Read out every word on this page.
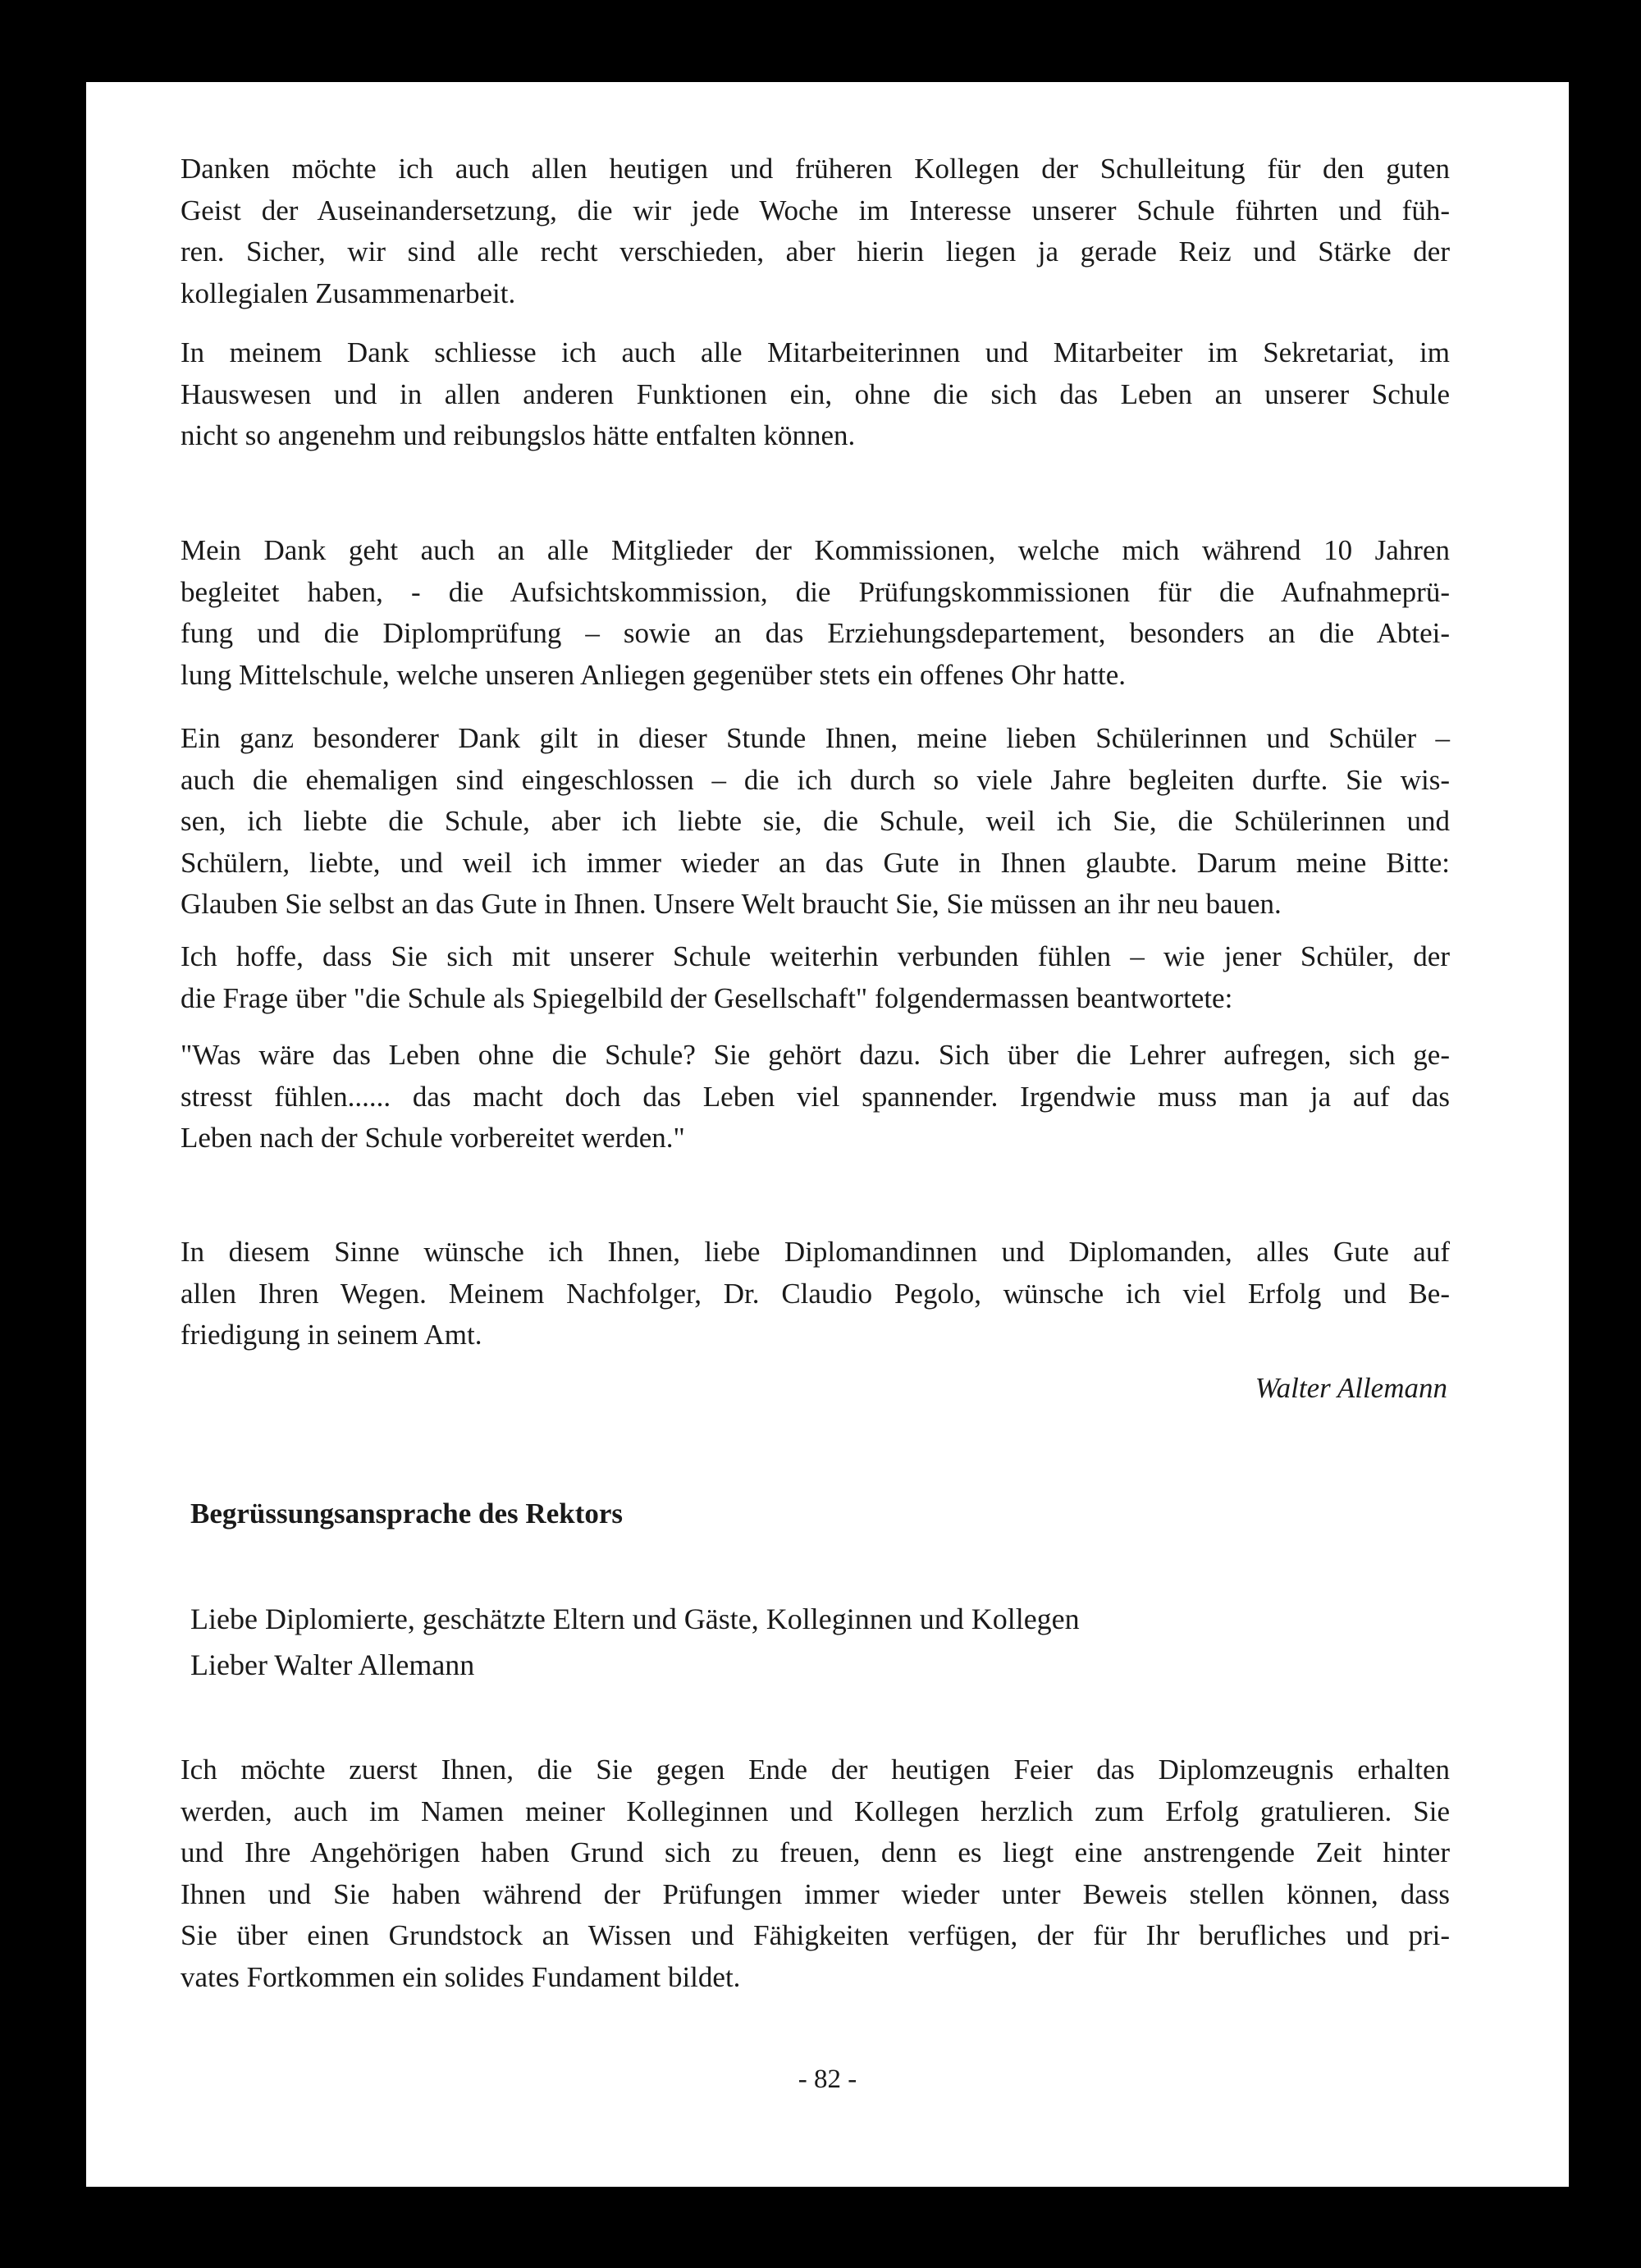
Danken möchte ich auch allen heutigen und früheren Kollegen der Schulleitung für den guten
Geist der Auseinandersetzung, die wir jede Woche im Interesse unserer Schule führten und füh-
ren. Sicher, wir sind alle recht verschieden, aber hierin liegen ja gerade Reiz und Stärke der
kollegialen Zusammenarbeit.
In meinem Dank schliesse ich auch alle Mitarbeiterinnen und Mitarbeiter im Sekretariat, im
Hauswesen und in allen anderen Funktionen ein, ohne die sich das Leben an unserer Schule
nicht so angenehm und reibungslos hätte entfalten können.
Mein Dank geht auch an alle Mitglieder der Kommissionen, welche mich während 10 Jahren
begleitet haben, - die Aufsichtskommission, die Prüfungskommissionen für die Aufnahmeprü-
fung und die Diplomprüfung – sowie an das Erziehungsdepartement, besonders an die Abtei-
lung Mittelschule, welche unseren Anliegen gegenüber stets ein offenes Ohr hatte.
Ein ganz besonderer Dank gilt in dieser Stunde Ihnen, meine lieben Schülerinnen und Schüler –
auch die ehemaligen sind eingeschlossen – die ich durch so viele Jahre begleiten durfte. Sie wis-
sen, ich liebte die Schule, aber ich liebte sie, die Schule, weil ich Sie, die Schülerinnen und
Schülern, liebte, und weil ich immer wieder an das Gute in Ihnen glaubte. Darum meine Bitte:
Glauben Sie selbst an das Gute in Ihnen. Unsere Welt braucht Sie, Sie müssen an ihr neu bauen.
Ich hoffe, dass Sie sich mit unserer Schule weiterhin verbunden fühlen – wie jener Schüler, der
die Frage über "die Schule als Spiegelbild der Gesellschaft" folgendermassen beantwortete:
"Was wäre das Leben ohne die Schule? Sie gehört dazu. Sich über die Lehrer aufregen, sich ge-
stresst fühlen...... das macht doch das Leben viel spannender. Irgendwie muss man ja auf das
Leben nach der Schule vorbereitet werden."
In diesem Sinne wünsche ich Ihnen, liebe Diplomandinnen und Diplomanden, alles Gute auf
allen Ihren Wegen. Meinem Nachfolger, Dr. Claudio Pegolo, wünsche ich viel Erfolg und Be-
friedigung in seinem Amt.
Walter Allemann
Begrüssungsansprache des Rektors
Liebe Diplomierte, geschätzte Eltern und Gäste, Kolleginnen und Kollegen
Lieber Walter Allemann
Ich möchte zuerst Ihnen, die Sie gegen Ende der heutigen Feier das Diplomzeugnis erhalten
werden, auch im Namen meiner Kolleginnen und Kollegen herzlich zum Erfolg gratulieren. Sie
und Ihre Angehörigen haben Grund sich zu freuen, denn es liegt eine anstrengende Zeit hinter
Ihnen und Sie haben während der Prüfungen immer wieder unter Beweis stellen können, dass
Sie über einen Grundstock an Wissen und Fähigkeiten verfügen, der für Ihr berufliches und pri-
vates Fortkommen ein solides Fundament bildet.
- 82 -
